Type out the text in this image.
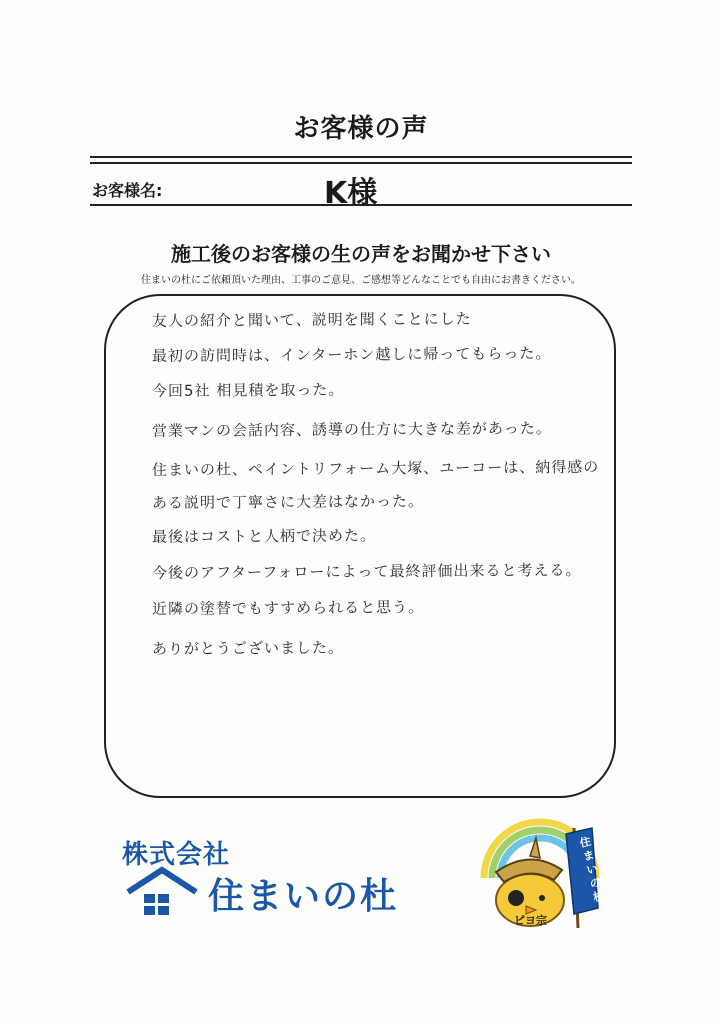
お客様の声
お客様名:	K様
施工後のお客様の生の声をお聞かせ下さい
住まいの杜にご依頼頂いた理由、工事のご意見、ご感想等どんなことでも自由にお書きください。
友人の紹介と聞いて、説明を聞くことにした
最初の訪問時は、インターホン越しに帰ってもらった。
今回5社 相見積を取った。
営業マンの会話内容、誘導の仕方に大きな差があった。
住まいの杜、ペイントリフォーム大塚、ユーコーは、納得感の
ある説明で丁寧さに大差はなかった。
最後はコストと人柄で決めた。
今後のアフターフォローによって最終評価出来ると考える。
近隣の塗替でもすすめられると思う。
ありがとうございました。
株式会社
住まいの杜
住まいの杜
ピヨ宗
